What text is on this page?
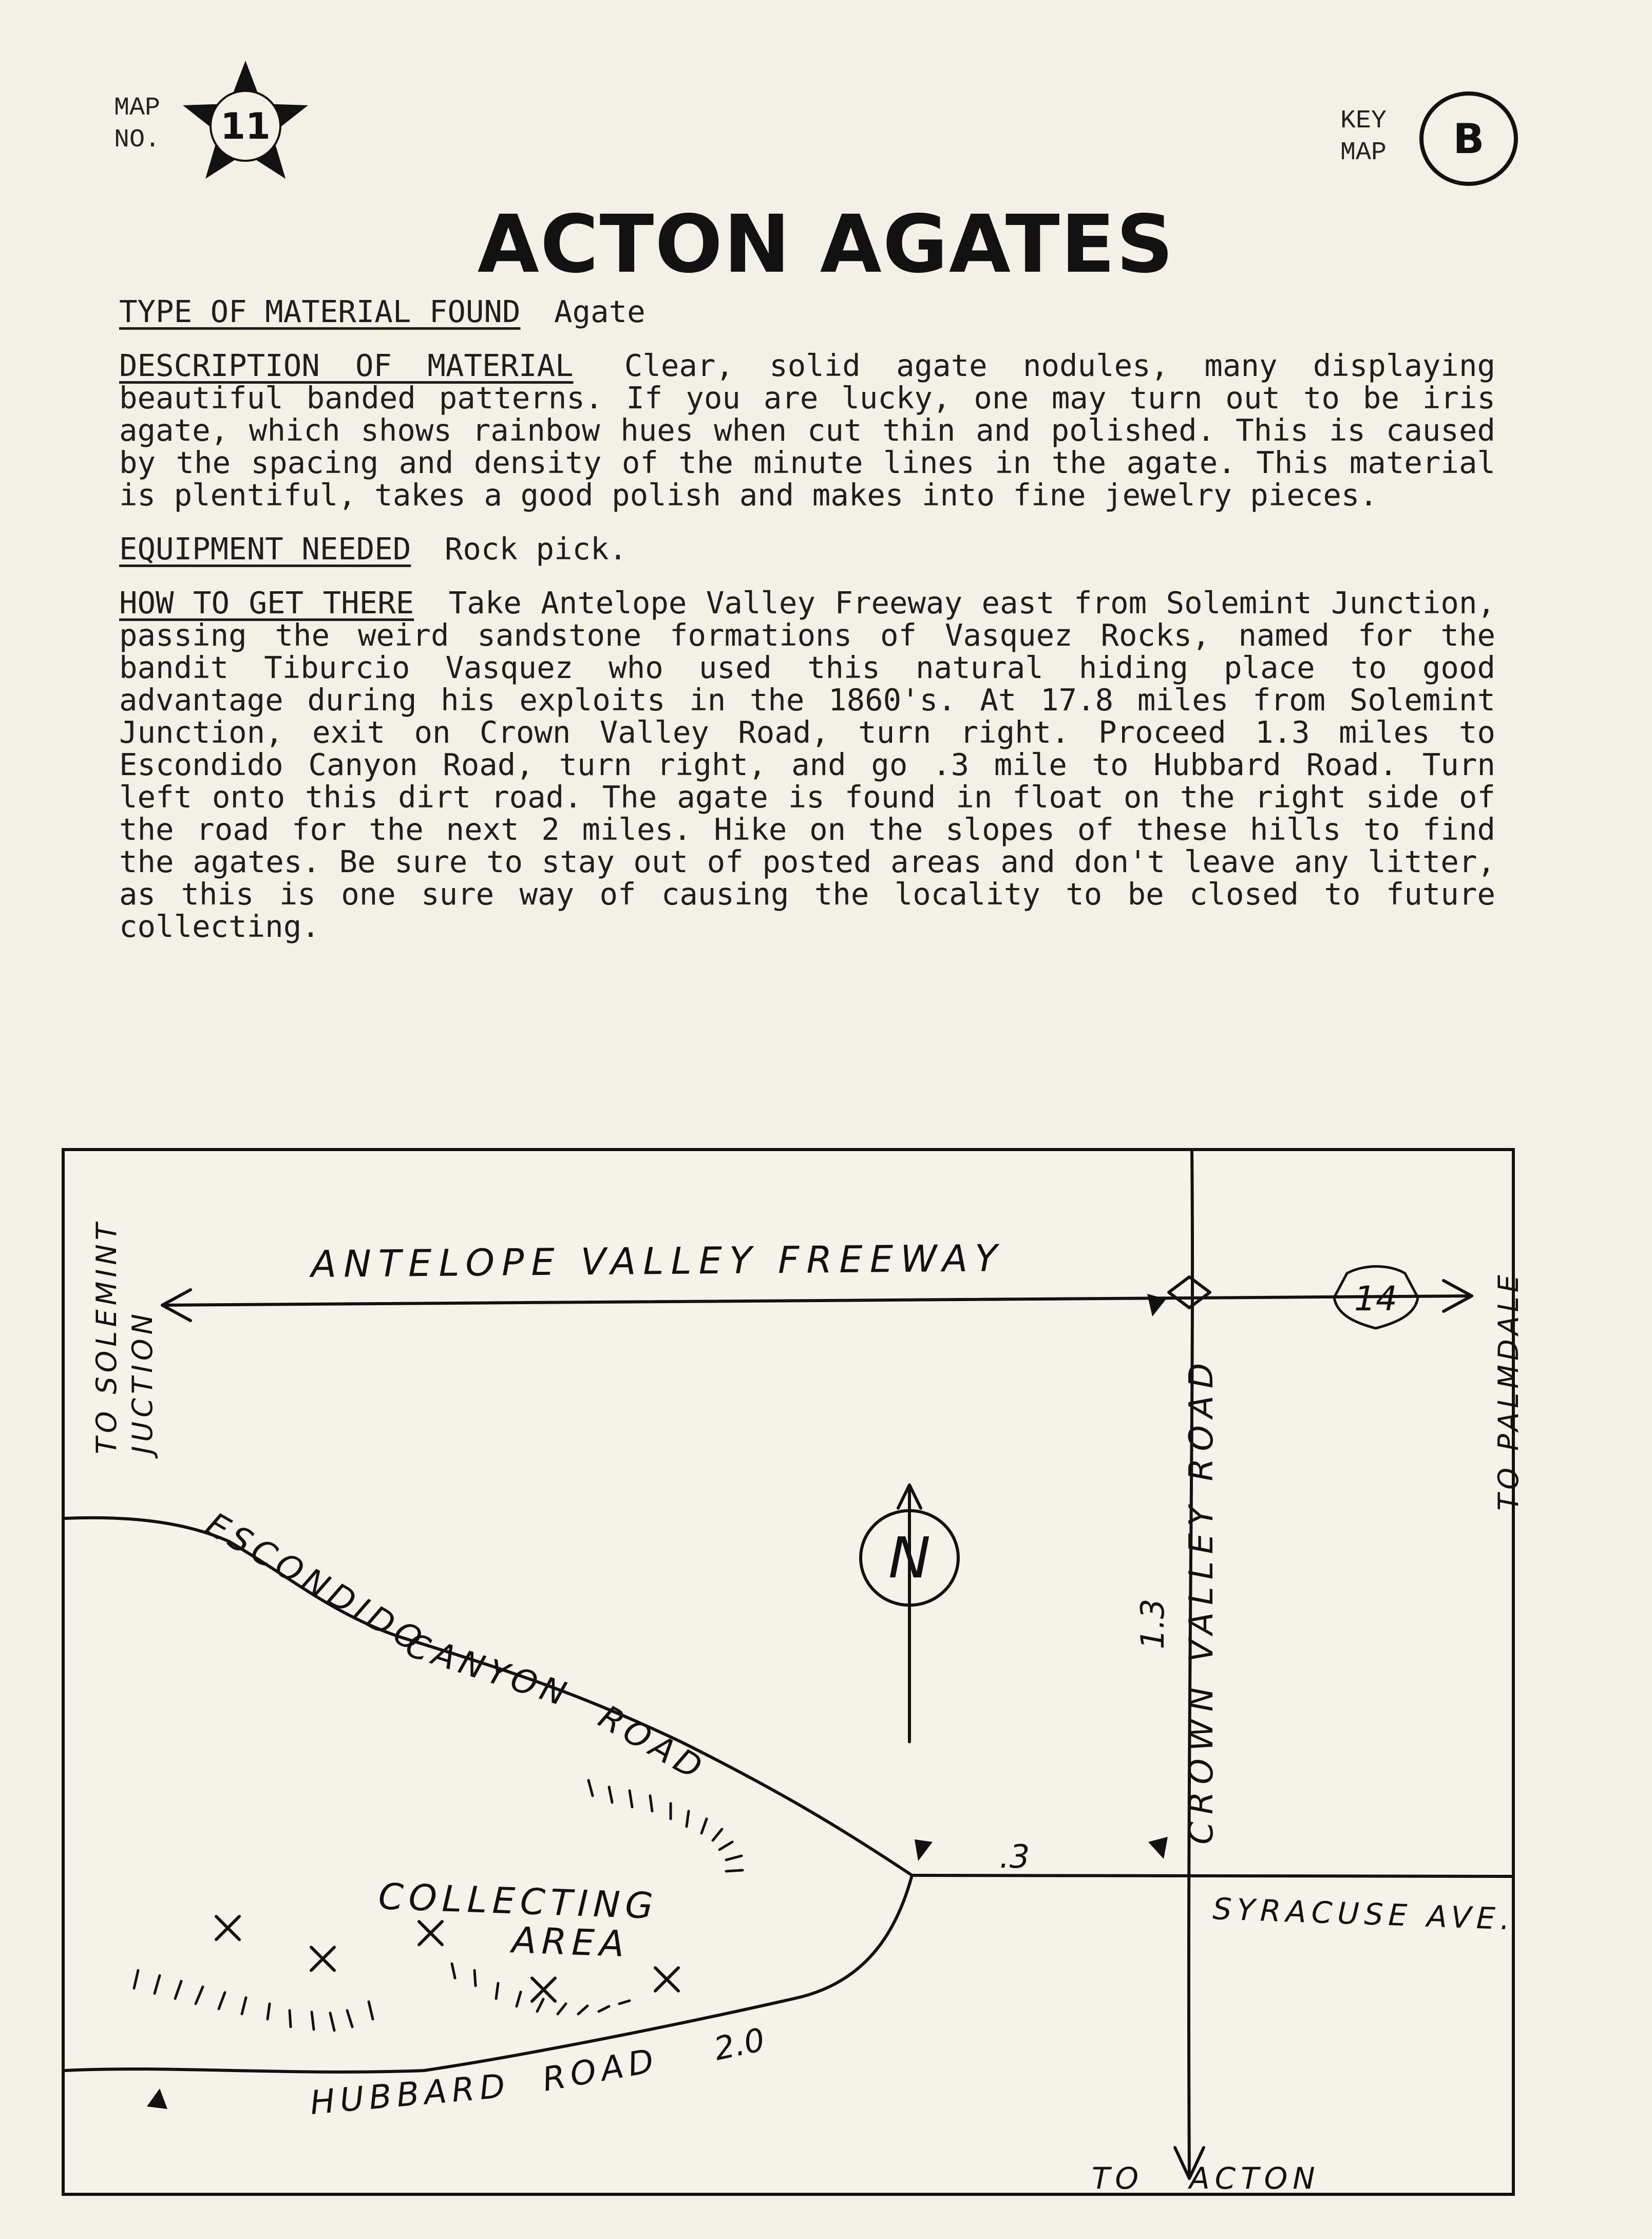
MAP
NO. 11	KEY
MAP B
ACTON AGATES

TYPE OF MATERIAL FOUND Agate

DESCRIPTION OF MATERIAL Clear, solid agate nodules, many displaying beautiful banded patterns. If you are lucky, one may turn out to be iris agate, which shows rainbow hues when cut thin and polished. This is caused by the spacing and density of the minute lines in the agate. This material is plentiful, takes a good polish and makes into fine jewelry pieces.

EQUIPMENT NEEDED Rock pick.

HOW TO GET THERE Take Antelope Valley Freeway east from Solemint Junction, passing the weird sandstone formations of Vasquez Rocks, named for the bandit Tiburcio Vasquez who used this natural hiding place to good advantage during his exploits in the 1860's. At 17.8 miles from Solemint Junction, exit on Crown Valley Road, turn right. Proceed 1.3 miles to Escondido Canyon Road, turn right, and go .3 mile to Hubbard Road. Turn left onto this dirt road. The agate is found in float on the right side of the road for the next 2 miles. Hike on the slopes of these hills to find the agates. Be sure to stay out of posted areas and don't leave any litter, as this is one sure way of causing the locality to be closed to future collecting.

14
ANTELOPE VALLEY FREEWAY
TO SOLEMINT JUCTION	TO PALMDALE
ESCONDIDO
CANYON
ROAD	CROWN VALLEY ROAD
SYRACUSE AVE.
HUBBARD ROAD
COLLECTING
AREA
N
TO ACTON
1.3
.3
2.0
